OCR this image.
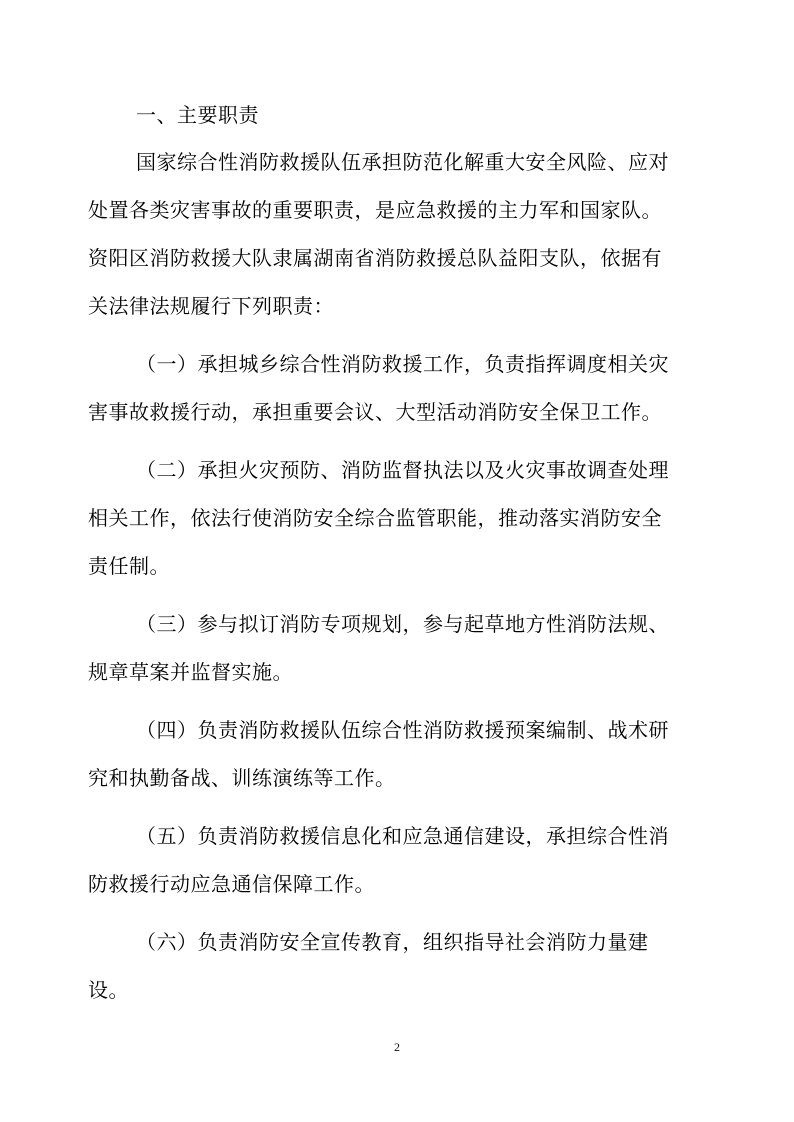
一、主要职责
国家综合性消防救援队伍承担防范化解重大安全风险、应对
处置各类灾害事故的重要职责，是应急救援的主力军和国家队。
资阳区消防救援大队隶属湖南省消防救援总队益阳支队，依据有
关法律法规履行下列职责：
（一）承担城乡综合性消防救援工作，负责指挥调度相关灾
害事故救援行动，承担重要会议、大型活动消防安全保卫工作。
（二）承担火灾预防、消防监督执法以及火灾事故调查处理
相关工作，依法行使消防安全综合监管职能，推动落实消防安全
责任制。
（三）参与拟订消防专项规划，参与起草地方性消防法规、
规章草案并监督实施。
（四）负责消防救援队伍综合性消防救援预案编制、战术研
究和执勤备战、训练演练等工作。
（五）负责消防救援信息化和应急通信建设，承担综合性消
防救援行动应急通信保障工作。
（六）负责消防安全宣传教育，组织指导社会消防力量建
设。
2
